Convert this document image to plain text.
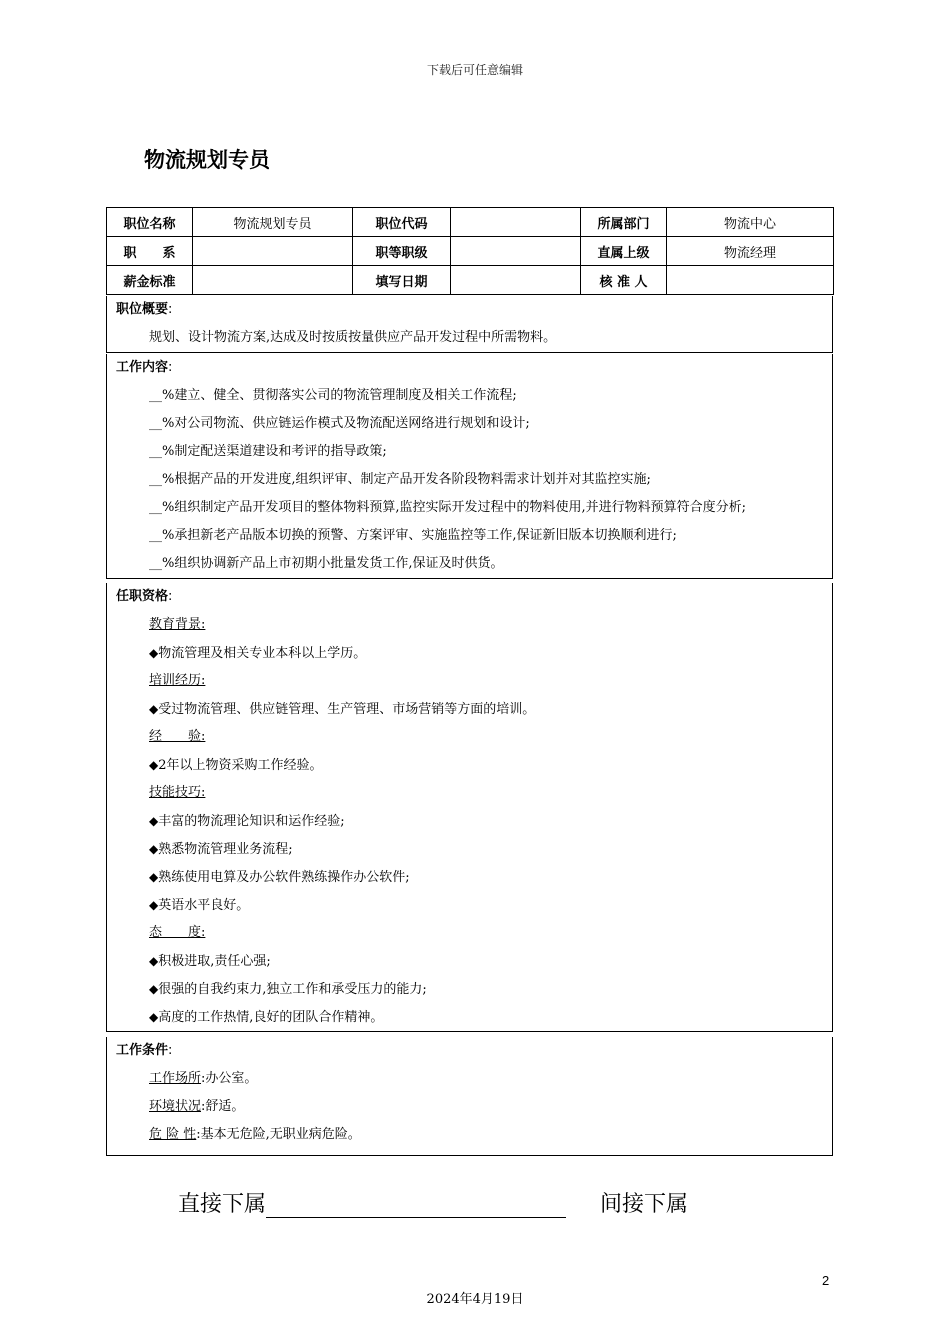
下载后可任意编辑
物流规划专员
职位名称	物流规划专员	职位代码		所属部门	物流中心
职　　系		职等职级		直属上级	物流经理
薪金标准		填写日期		核 准 人	
职位概要:
规划、设计物流方案,达成及时按质按量供应产品开发过程中所需物料。
工作内容:
__%建立、健全、贯彻落实公司的物流管理制度及相关工作流程;
__%对公司物流、供应链运作模式及物流配送网络进行规划和设计;
__%制定配送渠道建设和考评的指导政策;
__%根据产品的开发进度,组织评审、制定产品开发各阶段物料需求计划并对其监控实施;
__%组织制定产品开发项目的整体物料预算,监控实际开发过程中的物料使用,并进行物料预算符合度分析;
__%承担新老产品版本切换的预警、方案评审、实施监控等工作,保证新旧版本切换顺利进行;
__%组织协调新产品上市初期小批量发货工作,保证及时供货。
任职资格:
教育背景:
◆物流管理及相关专业本科以上学历。
培训经历:
◆受过物流管理、供应链管理、生产管理、市场营销等方面的培训。
经　　验:
◆2年以上物资采购工作经验。
技能技巧:
◆丰富的物流理论知识和运作经验;
◆熟悉物流管理业务流程;
◆熟练使用电算及办公软件熟练操作办公软件;
◆英语水平良好。
态　　度:
◆积极进取,责任心强;
◆很强的自我约束力,独立工作和承受压力的能力;
◆高度的工作热情,良好的团队合作精神。
工作条件:
工作场所:办公室。
环境状况:舒适。
危 险 性:基本无危险,无职业病危险。
直接下属	间接下属
2
2024年4月19日
